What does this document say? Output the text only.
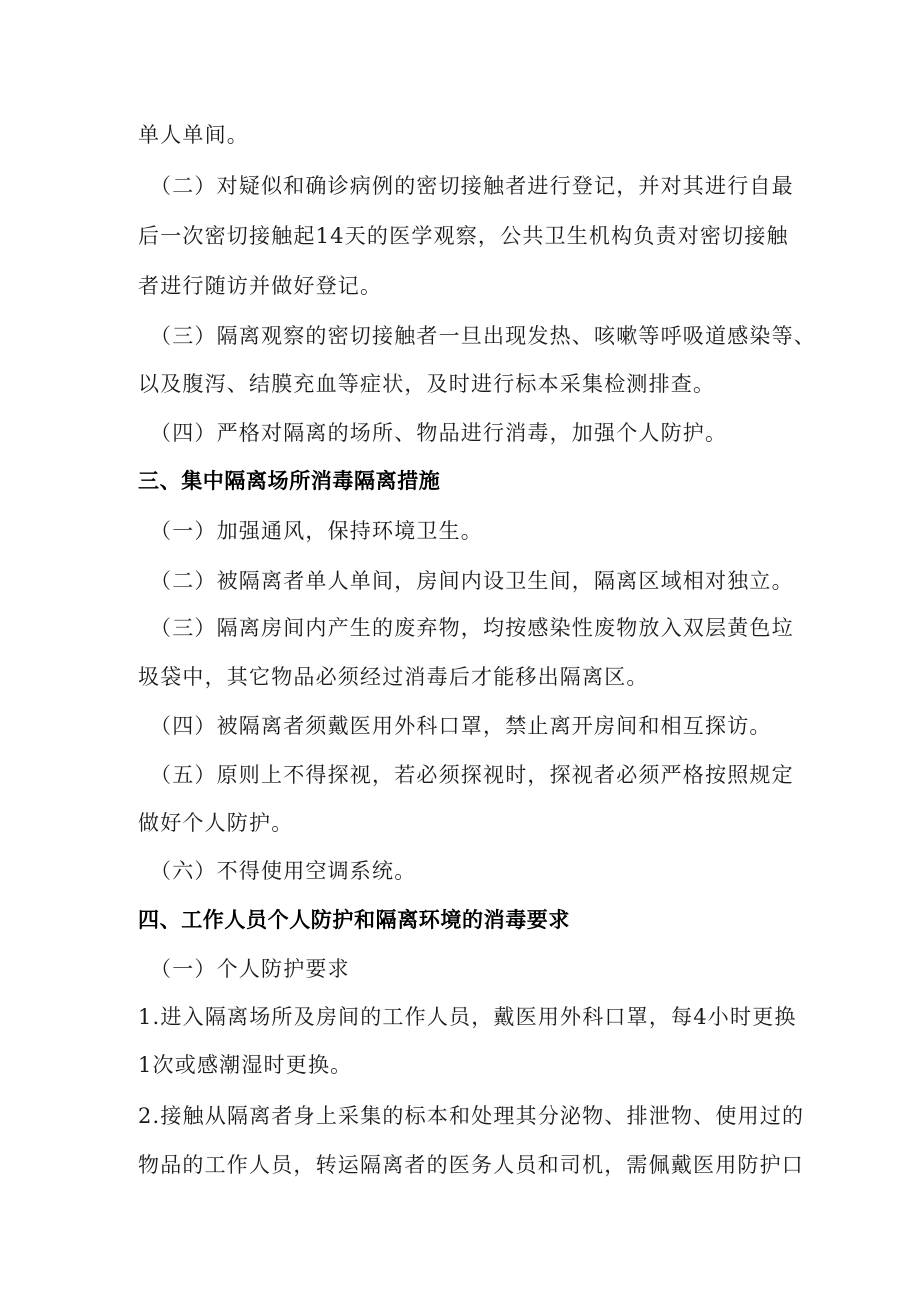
单人单间。
（二）对疑似和确诊病例的密切接触者进行登记，并对其进行自最
后一次密切接触起14天的医学观察，公共卫生机构负责对密切接触
者进行随访并做好登记。
（三）隔离观察的密切接触者一旦出现发热、咳嗽等呼吸道感染等、
以及腹泻、结膜充血等症状，及时进行标本采集检测排查。
（四）严格对隔离的场所、物品进行消毒，加强个人防护。
三、集中隔离场所消毒隔离措施
（一）加强通风，保持环境卫生。
（二）被隔离者单人单间，房间内设卫生间，隔离区域相对独立。
（三）隔离房间内产生的废弃物，均按感染性废物放入双层黄色垃
圾袋中，其它物品必须经过消毒后才能移出隔离区。
（四）被隔离者须戴医用外科口罩，禁止离开房间和相互探访。
（五）原则上不得探视，若必须探视时，探视者必须严格按照规定
做好个人防护。
（六）不得使用空调系统。
四、工作人员个人防护和隔离环境的消毒要求
（一）个人防护要求
1.进入隔离场所及房间的工作人员，戴医用外科口罩，每4小时更换
1次或感潮湿时更换。
2.接触从隔离者身上采集的标本和处理其分泌物、排泄物、使用过的
物品的工作人员，转运隔离者的医务人员和司机，需佩戴医用防护口
